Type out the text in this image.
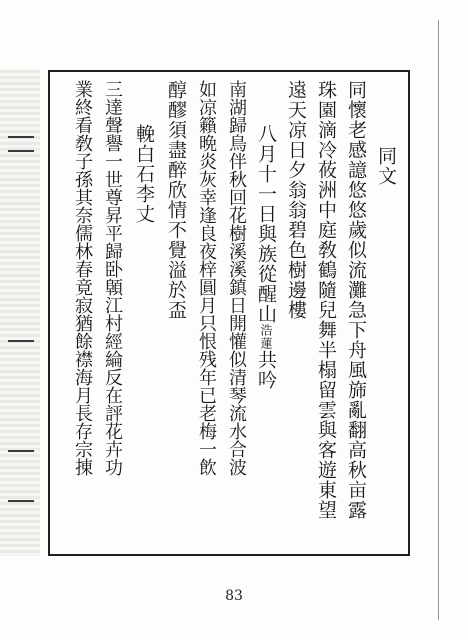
同文
同懷老感譩悠悠歲似流灘急下舟風旆亂翻高秋亩露
珠園滴冷莜洲中庭敎鶴隨兒舞半榻留雲與客遊東望
遠天凉日夕翁翁碧色樹邊樓
八月十一日與族從醒山浩蓮共吟
南湖歸鳥伴秋回花樹溪溪鎮日開懽似清琴流水合波
如凉籟晩炎灰幸逢良夜梓圓月只恨残年已老梅一飲
醇醪須盡醉欣情不覺溢於盃
輓白石李丈
三達聲譽一世尊昇平歸卧顊江村經綸反在評花卉功
業終看敎子孫其奈儒林春竟寂猶餘襟海月長存宗㨂
83
